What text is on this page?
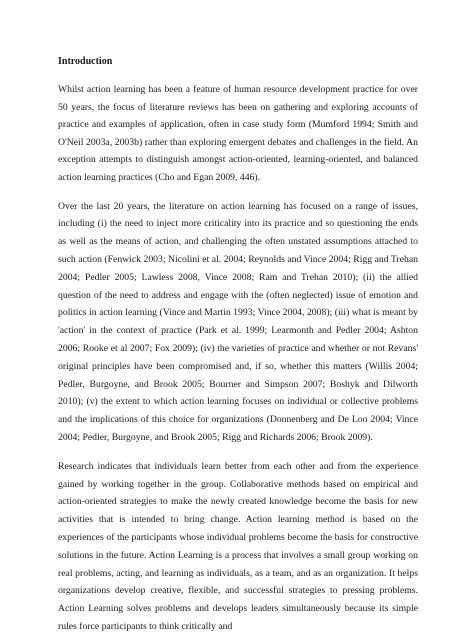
Introduction

Whilst action learning has been a feature of human resource development practice for over 50 years, the focus of literature reviews has been on gathering and exploring accounts of practice and examples of application, often in case study form (Mumford 1994; Smith and O'Neil 2003a, 2003b) rather than exploring emergent debates and challenges in the field. An exception attempts to distinguish amongst action-oriented, learning-oriented, and balanced action learning practices (Cho and Egan 2009, 446).

Over the last 20 years, the literature on action learning has focused on a range of issues, including (i) the need to inject more criticality into its practice and so questioning the ends as well as the means of action, and challenging the often unstated assumptions attached to such action (Fenwick 2003; Nicolini et al. 2004; Reynolds and Vince 2004; Rigg and Trehan 2004; Pedler 2005; Lawless 2008, Vince 2008; Ram and Trehan 2010); (ii) the allied question of the need to address and engage with the (often neglected) issue of emotion and politics in action learning (Vince and Martin 1993; Vince 2004, 2008); (iii) what is meant by 'action' in the context of practice (Park et al. 1999; Learmonth and Pedler 2004; Ashton 2006; Rooke et al 2007; Fox 2009); (iv) the varieties of practice and whether or not Revans' original principles have been compromised and, if so, whether this matters (Willis 2004; Pedler, Burgoyne, and Brook 2005; Bourner and Simpson 2007; Boshyk and Dilworth 2010); (v) the extent to which action learning focuses on individual or collective problems and the implications of this choice for organizations (Donnenberg and De Loo 2004; Vince 2004; Pedler, Burgoyne, and Brook 2005; Rigg and Richards 2006; Brook 2009).

Research indicates that individuals learn better from each other and from the experience gained by working together in the group. Collaborative methods based on empirical and action-oriented strategies to make the newly created knowledge become the basis for new activities that is intended to bring change. Action learning method is based on the experiences of the participants whose individual problems become the basis for constructive solutions in the future. Action Learning is a process that involves a small group working on real problems, acting, and learning as individuals, as a team, and as an organization. It helps organizations develop creative, flexible, and successful strategies to pressing problems. Action Learning solves problems and develops leaders simultaneously because its simple rules force participants to think critically and
